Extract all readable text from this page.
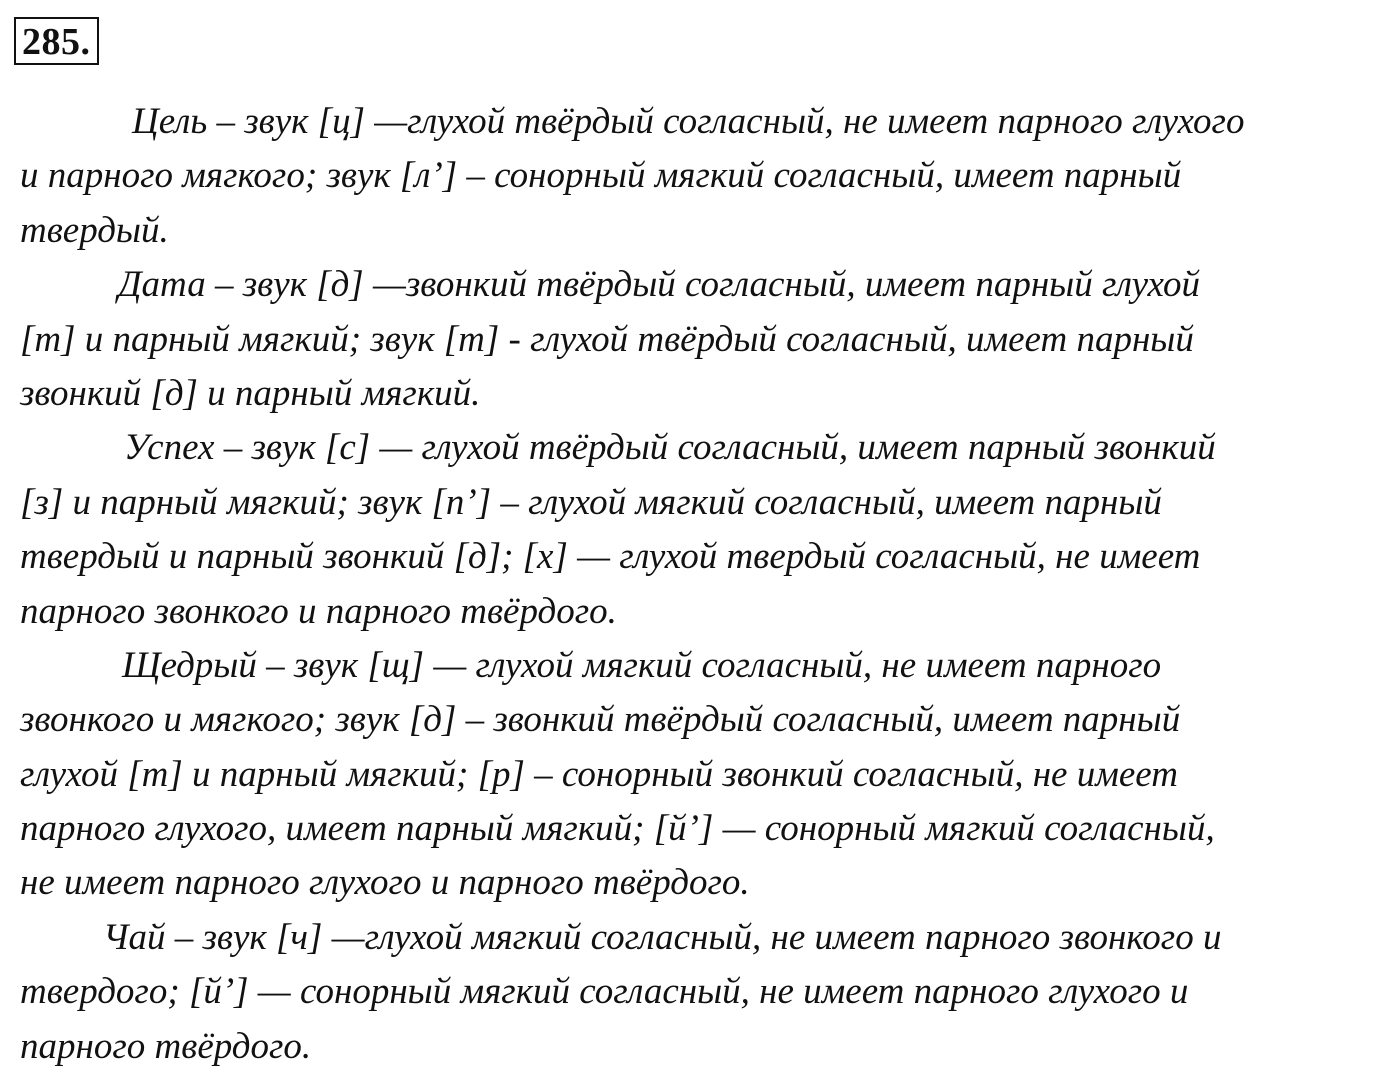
285.
Цель – звук [ц] —глухой твёрдый согласный, не имеет парного глухого
и парного мягкого; звук [л’] – сонорный мягкий согласный, имеет парный
твердый.
Дата – звук [д] —звонкий твёрдый согласный, имеет парный глухой
[т] и парный мягкий; звук [т] - глухой твёрдый согласный, имеет парный
звонкий [д] и парный мягкий.
Успех – звук [с] — глухой твёрдый согласный, имеет парный звонкий
[з] и парный мягкий; звук [п’] – глухой мягкий согласный, имеет парный
твердый и парный звонкий [д]; [х] — глухой твердый согласный, не имеет
парного звонкого и парного твёрдого.
Щедрый – звук [щ] — глухой мягкий согласный, не имеет парного
звонкого и мягкого; звук [д] – звонкий твёрдый согласный, имеет парный
глухой [т] и парный мягкий; [р] – сонорный звонкий согласный, не имеет
парного глухого, имеет парный мягкий; [й’] — сонорный мягкий согласный,
не имеет парного глухого и парного твёрдого.
Чай – звук [ч] —глухой мягкий согласный, не имеет парного звонкого и
твердого; [й’] — сонорный мягкий согласный, не имеет парного глухого и
парного твёрдого.
